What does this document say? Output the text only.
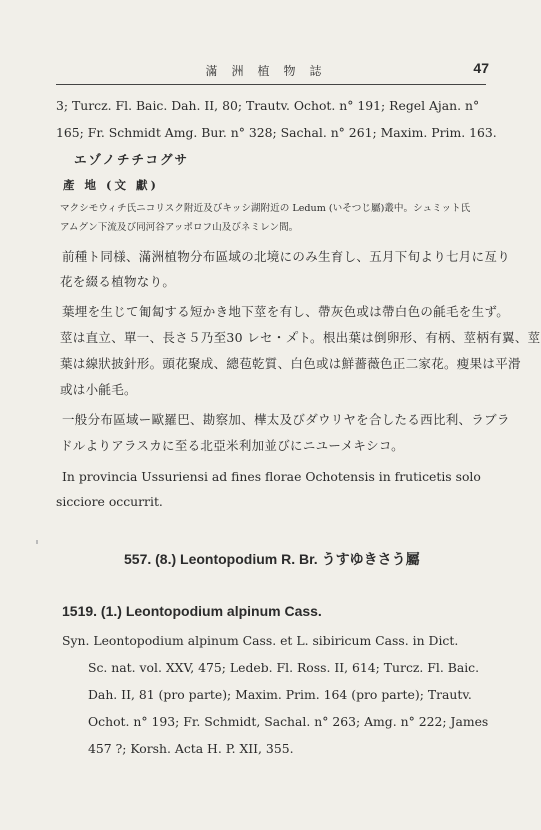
滿洲植物誌	47
3; Turcz. Fl. Baic. Dah. II, 80; Trautv. Ochot. n° 191; Regel Ajan. n°
165; Fr. Schmidt Amg. Bur. n° 328; Sachal. n° 261; Maxim. Prim. 163.
エゾノチチコグサ
產 地 (文 獻)
マクシモウィチ氏ニコリスク附近及びキッシ湖附近の Ledum (いそつじ屬)叢中。シュミット氏
アムグン下流及び同河谷アッポロフ山及びネミレン間。
前種ト同様、滿洲植物分布區域の北境にのみ生育し、五月下旬より七月に亙り
花を綴る植物なり。
葉埋を生じて匍匐する短かき地下莖を有し、帶灰色或は帶白色の毹毛を生ず。
莖は直立、單一、長さ５乃至30 レセ・メ゚ト。根出葉は倒卵形、有柄、莖柄有翼、莖
葉は線狀披針形。頭花聚成、總苞乾質、白色或は鮮薔薇色正二家花。瘦果は平滑
或は小毹毛。
一般分布區域ー歐羅巴、勘察加、樺太及びダウリヤを合したる西比利、ラブラ
ドルよりアラスカに至る北亞米利加並びにニユーメキシコ。
In provincia Ussuriensi ad fines florae Ochotensis in fruticetis solo
sicciore occurrit.
557. (8.) Leontopodium R. Br. うすゆきさう屬
1519. (1.) Leontopodium alpinum Cass.
Syn. Leontopodium alpinum Cass. et L. sibiricum Cass. in Dict.
Sc. nat. vol. XXV, 475; Ledeb. Fl. Ross. II, 614; Turcz. Fl. Baic.
Dah. II, 81 (pro parte); Maxim. Prim. 164 (pro parte); Trautv.
Ochot. n° 193; Fr. Schmidt, Sachal. n° 263; Amg. n° 222; James
457 ?; Korsh. Acta H. P. XII, 355.
